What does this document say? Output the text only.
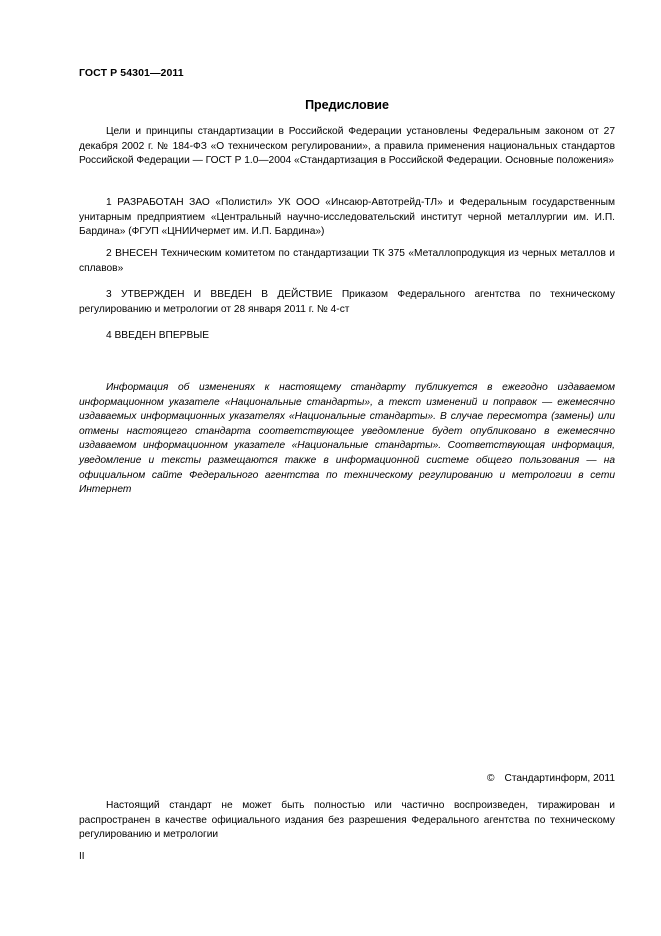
ГОСТ Р 54301—2011
Предисловие
Цели и принципы стандартизации в Российской Федерации установлены Федеральным законом от 27 декабря 2002 г. № 184-ФЗ «О техническом регулировании», а правила применения национальных стандартов Российской Федерации — ГОСТ Р 1.0—2004 «Стандартизация в Российской Федерации. Основные положения»
1 РАЗРАБОТАН ЗАО «Полистил» УК ООО «Инсаюр-Автотрейд-ТЛ» и Федеральным государственным унитарным предприятием «Центральный научно-исследовательский институт черной металлургии им. И.П. Бардина» (ФГУП «ЦНИИчермет им. И.П. Бардина»)
2 ВНЕСЕН Техническим комитетом по стандартизации ТК 375 «Металлопродукция из черных металлов и сплавов»
3 УТВЕРЖДЕН И ВВЕДЕН В ДЕЙСТВИЕ Приказом Федерального агентства по техническому регулированию и метрологии от 28 января 2011 г. № 4-ст
4 ВВЕДЕН ВПЕРВЫЕ
Информация об изменениях к настоящему стандарту публикуется в ежегодно издаваемом информационном указателе «Национальные стандарты», а текст изменений и поправок — ежемесячно издаваемых информационных указателях «Национальные стандарты». В случае пересмотра (замены) или отмены настоящего стандарта соответствующее уведомление будет опубликовано в ежемесячно издаваемом информационном указателе «Национальные стандарты». Соответствующая информация, уведомление и тексты размещаются также в информационной системе общего пользования — на официальном сайте Федерального агентства по техническому регулированию и метрологии в сети Интернет
© Стандартинформ, 2011
Настоящий стандарт не может быть полностью или частично воспроизведен, тиражирован и распространен в качестве официального издания без разрешения Федерального агентства по техническому регулированию и метрологии
II
